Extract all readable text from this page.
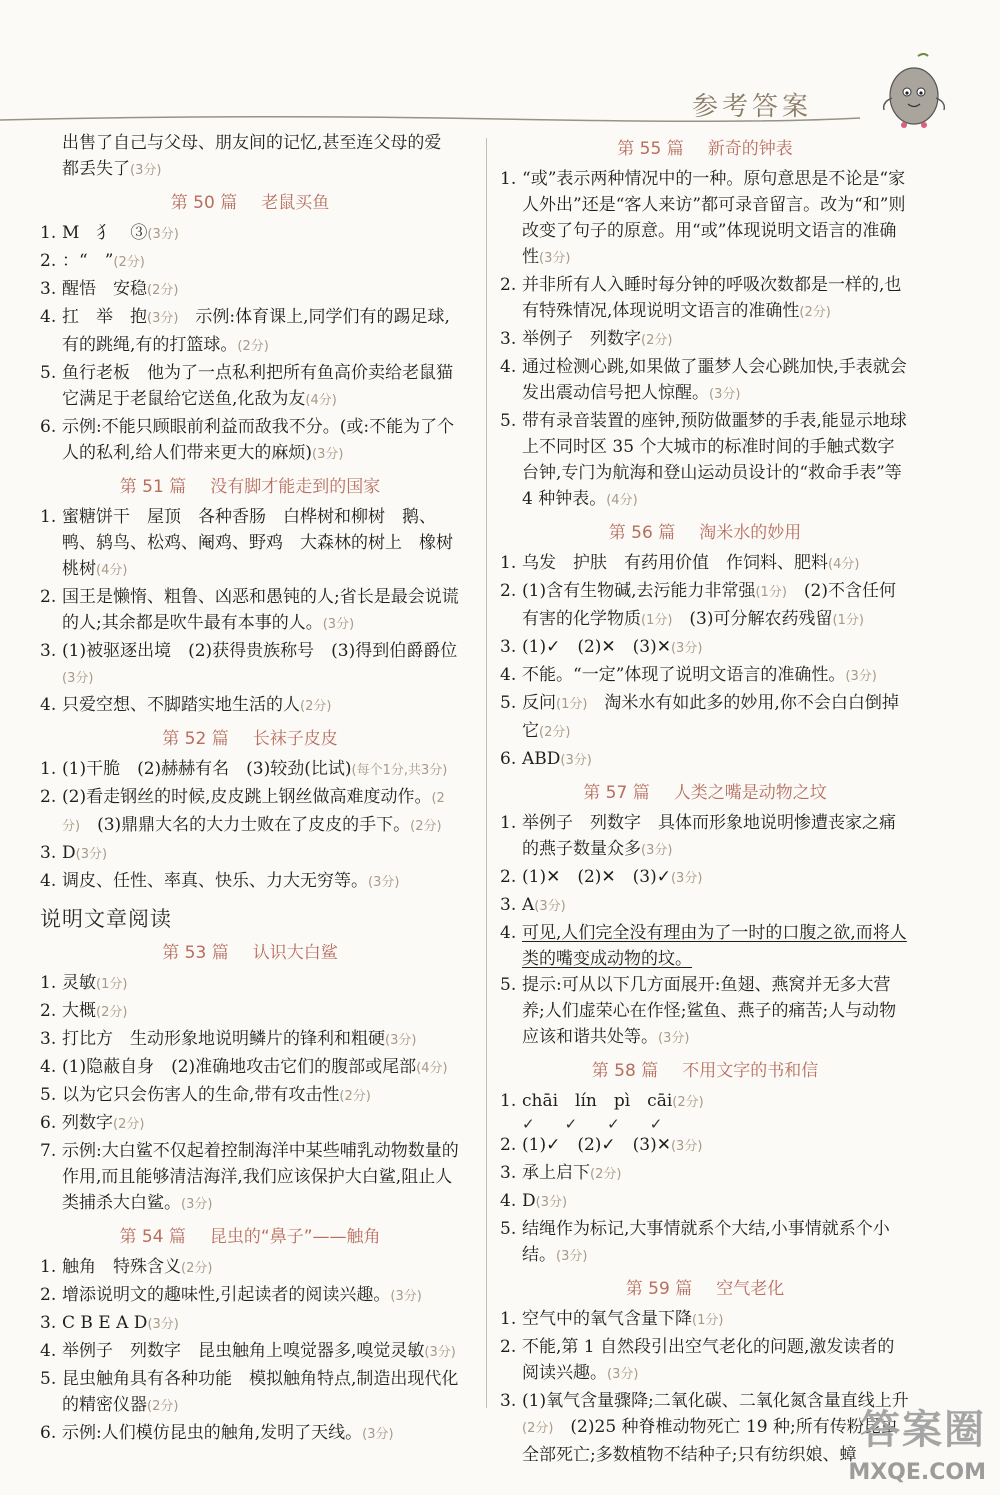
参考答案

出售了自己与父母、朋友间的记忆,甚至连父母的爱
都丢失了(3分)

第 50 篇 老鼠买鱼

1. M　犭　③(3分)

2. ：“　”(2分)

3. 醒悟　安稳(2分)

4. 扛　举　抱(3分)　示例:体育课上,同学们有的踢足球,有的跳绳,有的打篮球。(2分)

5. 鱼行老板　他为了一点私利把所有鱼高价卖给老鼠猫　它满足于老鼠给它送鱼,化敌为友(4分)

6. 示例:不能只顾眼前利益而敌我不分。(或:不能为了个人的私利,给人们带来更大的麻烦)(3分)

第 51 篇 没有脚才能走到的国家

1. 蜜糖饼干　屋顶　各种香肠　白桦树和柳树　鹅、鸭、鸫鸟、松鸡、阉鸡、野鸡　大森林的树上　橡树　桃树(4分)

2. 国王是懒惰、粗鲁、凶恶和愚钝的人;省长是最会说谎的人;其余都是吹牛最有本事的人。(3分)

3. (1)被驱逐出境　(2)获得贵族称号　(3)得到伯爵爵位(3分)

4. 只爱空想、不脚踏实地生活的人(2分)

第 52 篇 长袜子皮皮

1. (1)干脆　(2)赫赫有名　(3)较劲(比试)(每个1分,共3分)

2. (2)看走钢丝的时候,皮皮跳上钢丝做高难度动作。(2分)　(3)鼎鼎大名的大力士败在了皮皮的手下。(2分)

3. D(3分)

4. 调皮、任性、率真、快乐、力大无穷等。(3分)

说明文章阅读
第 53 篇 认识大白鲨

1. 灵敏(1分)

2. 大概(2分)

3. 打比方　生动形象地说明鳞片的锋利和粗硬(3分)

4. (1)隐蔽自身　(2)准确地攻击它们的腹部或尾部(4分)

5. 以为它只会伤害人的生命,带有攻击性(2分)

6. 列数字(2分)

7. 示例:大白鲨不仅起着控制海洋中某些哺乳动物数量的作用,而且能够清洁海洋,我们应该保护大白鲨,阻止人类捕杀大白鲨。(3分)

第 54 篇 昆虫的“鼻子”——触角

1. 触角　特殊含义(2分)

2. 增添说明文的趣味性,引起读者的阅读兴趣。(3分)

3. C B E A D(3分)

4. 举例子　列数字　昆虫触角上嗅觉器多,嗅觉灵敏(3分)

5. 昆虫触角具有各种功能　模拟触角特点,制造出现代化的精密仪器(2分)

6. 示例:人们模仿昆虫的触角,发明了天线。(3分)

第 55 篇 新奇的钟表

1. “或”表示两种情况中的一种。原句意思是不论是“家人外出”还是“客人来访”都可录音留言。改为“和”则改变了句子的原意。用“或”体现说明文语言的准确性(3分)

2. 并非所有人入睡时每分钟的呼吸次数都是一样的,也有特殊情况,体现说明文语言的准确性(2分)

3. 举例子　列数字(2分)

4. 通过检测心跳,如果做了噩梦人会心跳加快,手表就会发出震动信号把人惊醒。(3分)

5. 带有录音装置的座钟,预防做噩梦的手表,能显示地球上不同时区 35 个大城市的标准时间的手触式数字台钟,专门为航海和登山运动员设计的“救命手表”等 4 种钟表。(4分)

第 56 篇 淘米水的妙用

1. 乌发　护肤　有药用价值　作饲料、肥料(4分)

2. (1)含有生物碱,去污能力非常强(1分)　(2)不含任何有害的化学物质(1分)　(3)可分解农药残留(1分)

3. (1)✓　(2)✕　(3)✕(3分)

4. 不能。“一定”体现了说明文语言的准确性。(3分)

5. 反问(1分)　淘米水有如此多的妙用,你不会白白倒掉它(2分)

6. ABD(3分)

第 57 篇 人类之嘴是动物之坟

1. 举例子　列数字　具体而形象地说明惨遭丧家之痛的燕子数量众多(3分)

2. (1)✕　(2)✕　(3)✓(3分)

3. A(3分)

4. 可见,人们完全没有理由为了一时的口腹之欲,而将人类的嘴变成动物的坟。

5. 提示:可从以下几方面展开:鱼翅、燕窝并无多大营养;人们虚荣心在作怪;鲨鱼、燕子的痛苦;人与动物应该和谐共处等。(3分)

第 58 篇 不用文字的书和信

1. chāi　lín　pì　cāi(2分)

✓　　✓　　✓　　✓

2. (1)✓　(2)✓　(3)✕(3分)

3. 承上启下(2分)

4. D(3分)

5. 结绳作为标记,大事情就系个大结,小事情就系个小结。(3分)

第 59 篇 空气老化

1. 空气中的氧气含量下降(1分)

2. 不能,第 1 自然段引出空气老化的问题,激发读者的阅读兴趣。(3分)

3. (1)氧气含量骤降;二氧化碳、二氧化氮含量直线上升(2分)　(2)25 种脊椎动物死亡 19 种;所有传粉昆虫全部死亡;多数植物不结种子;只有纺织娘、蟑

答案圈
MXQE.COM
